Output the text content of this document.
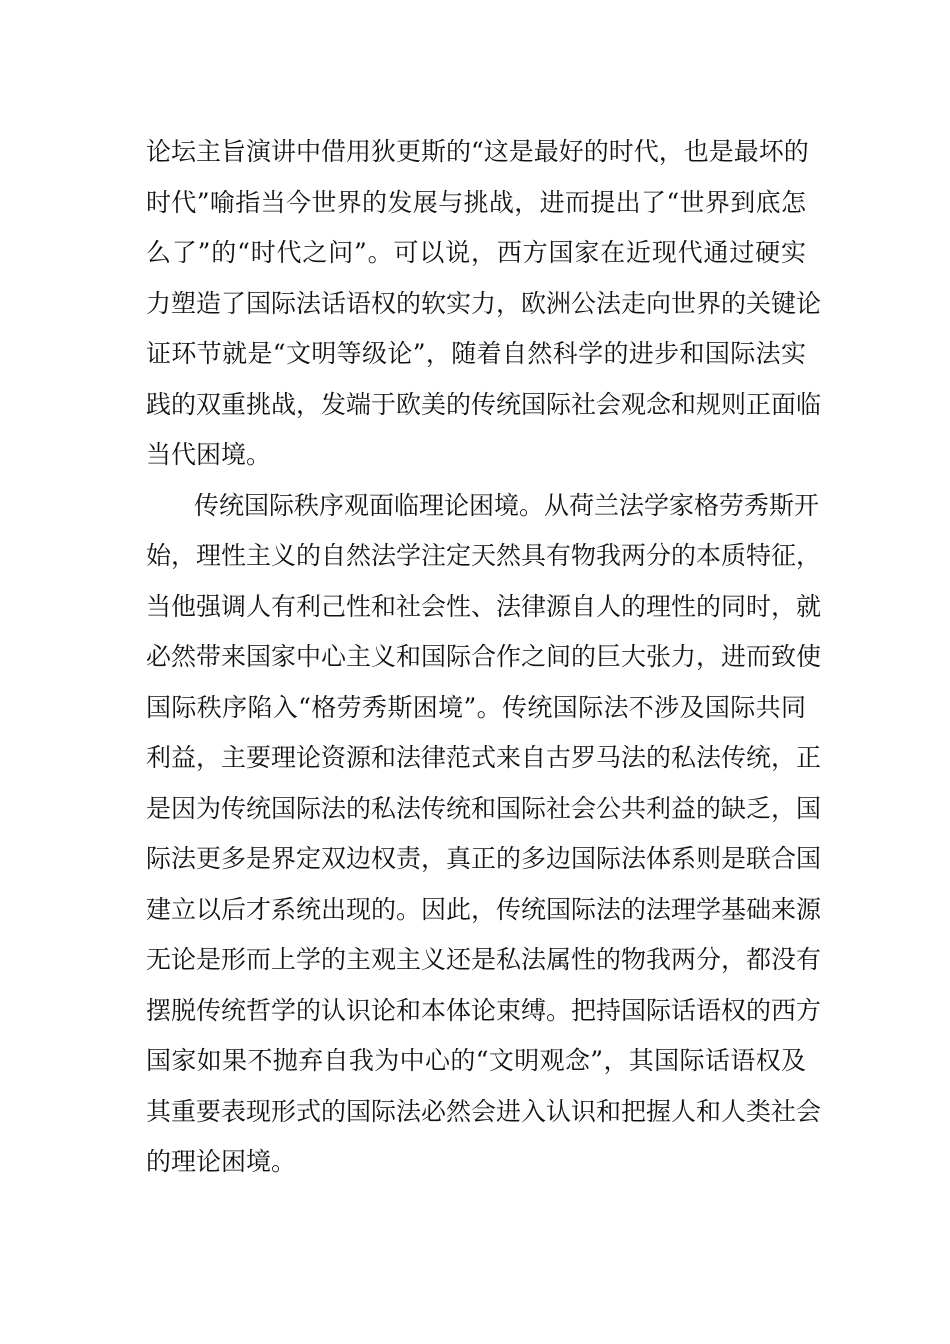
论坛主旨演讲中借用狄更斯的“这是最好的时代，也是最坏的
时代”喻指当今世界的发展与挑战，进而提出了“世界到底怎
么了”的“时代之问”。可以说，西方国家在近现代通过硬实
力塑造了国际法话语权的软实力，欧洲公法走向世界的关键论
证环节就是“文明等级论”，随着自然科学的进步和国际法实
践的双重挑战，发端于欧美的传统国际社会观念和规则正面临
当代困境。
传统国际秩序观面临理论困境。从荷兰法学家格劳秀斯开
始，理性主义的自然法学注定天然具有物我两分的本质特征，
当他强调人有利己性和社会性、法律源自人的理性的同时，就
必然带来国家中心主义和国际合作之间的巨大张力，进而致使
国际秩序陷入“格劳秀斯困境”。传统国际法不涉及国际共同
利益，主要理论资源和法律范式来自古罗马法的私法传统，正
是因为传统国际法的私法传统和国际社会公共利益的缺乏，国
际法更多是界定双边权责，真正的多边国际法体系则是联合国
建立以后才系统出现的。因此，传统国际法的法理学基础来源
无论是形而上学的主观主义还是私法属性的物我两分，都没有
摆脱传统哲学的认识论和本体论束缚。把持国际话语权的西方
国家如果不抛弃自我为中心的“文明观念”，其国际话语权及
其重要表现形式的国际法必然会进入认识和把握人和人类社会
的理论困境。
